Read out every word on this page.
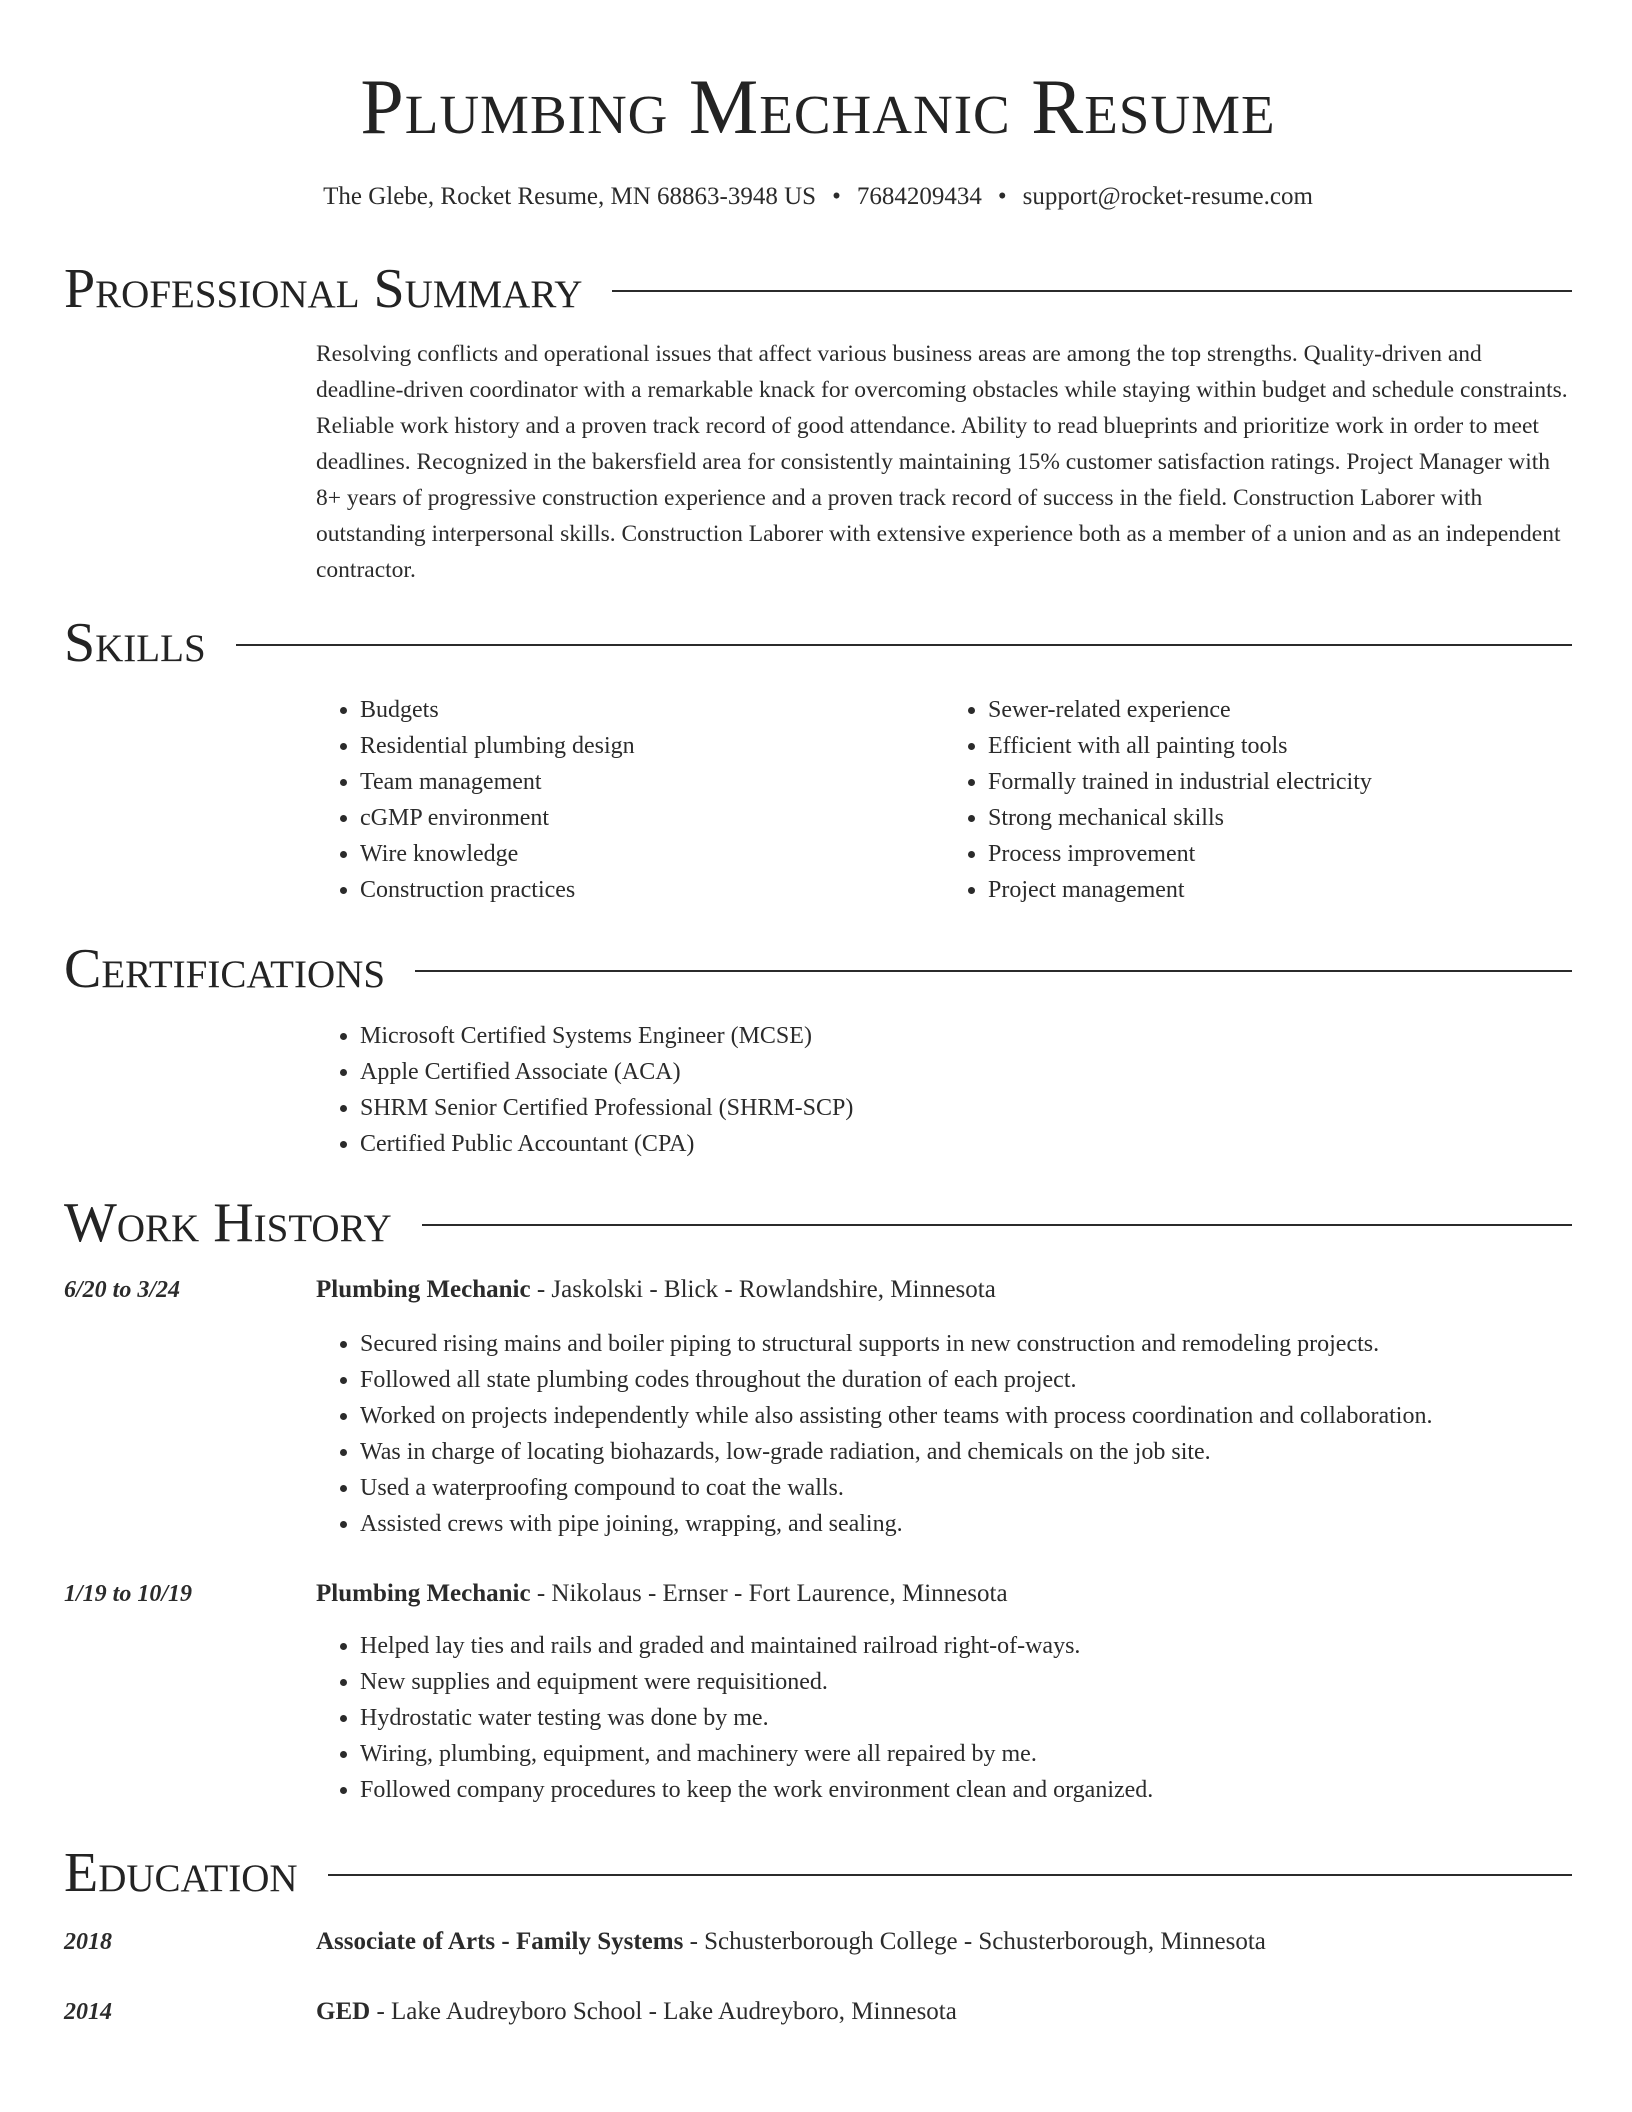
Plumbing Mechanic Resume
The Glebe, Rocket Resume, MN 68863-3948 US • 7684209434 • support@rocket-resume.com
Professional Summary
Resolving conflicts and operational issues that affect various business areas are among the top strengths. Quality-driven and deadline-driven coordinator with a remarkable knack for overcoming obstacles while staying within budget and schedule constraints. Reliable work history and a proven track record of good attendance. Ability to read blueprints and prioritize work in order to meet deadlines. Recognized in the bakersfield area for consistently maintaining 15% customer satisfaction ratings. Project Manager with 8+ years of progressive construction experience and a proven track record of success in the field. Construction Laborer with outstanding interpersonal skills. Construction Laborer with extensive experience both as a member of a union and as an independent contractor.
Skills
• Budgets
• Residential plumbing design
• Team management
• cGMP environment
• Wire knowledge
• Construction practices
• Sewer-related experience
• Efficient with all painting tools
• Formally trained in industrial electricity
• Strong mechanical skills
• Process improvement
• Project management
Certifications
• Microsoft Certified Systems Engineer (MCSE)
• Apple Certified Associate (ACA)
• SHRM Senior Certified Professional (SHRM-SCP)
• Certified Public Accountant (CPA)
Work History
6/20 to 3/24	Plumbing Mechanic - Jaskolski - Blick - Rowlandshire, Minnesota
• Secured rising mains and boiler piping to structural supports in new construction and remodeling projects.
• Followed all state plumbing codes throughout the duration of each project.
• Worked on projects independently while also assisting other teams with process coordination and collaboration.
• Was in charge of locating biohazards, low-grade radiation, and chemicals on the job site.
• Used a waterproofing compound to coat the walls.
• Assisted crews with pipe joining, wrapping, and sealing.
1/19 to 10/19	Plumbing Mechanic - Nikolaus - Ernser - Fort Laurence, Minnesota
• Helped lay ties and rails and graded and maintained railroad right-of-ways.
• New supplies and equipment were requisitioned.
• Hydrostatic water testing was done by me.
• Wiring, plumbing, equipment, and machinery were all repaired by me.
• Followed company procedures to keep the work environment clean and organized.
Education
2018	Associate of Arts - Family Systems - Schusterborough College - Schusterborough, Minnesota
2014	GED - Lake Audreyboro School - Lake Audreyboro, Minnesota
